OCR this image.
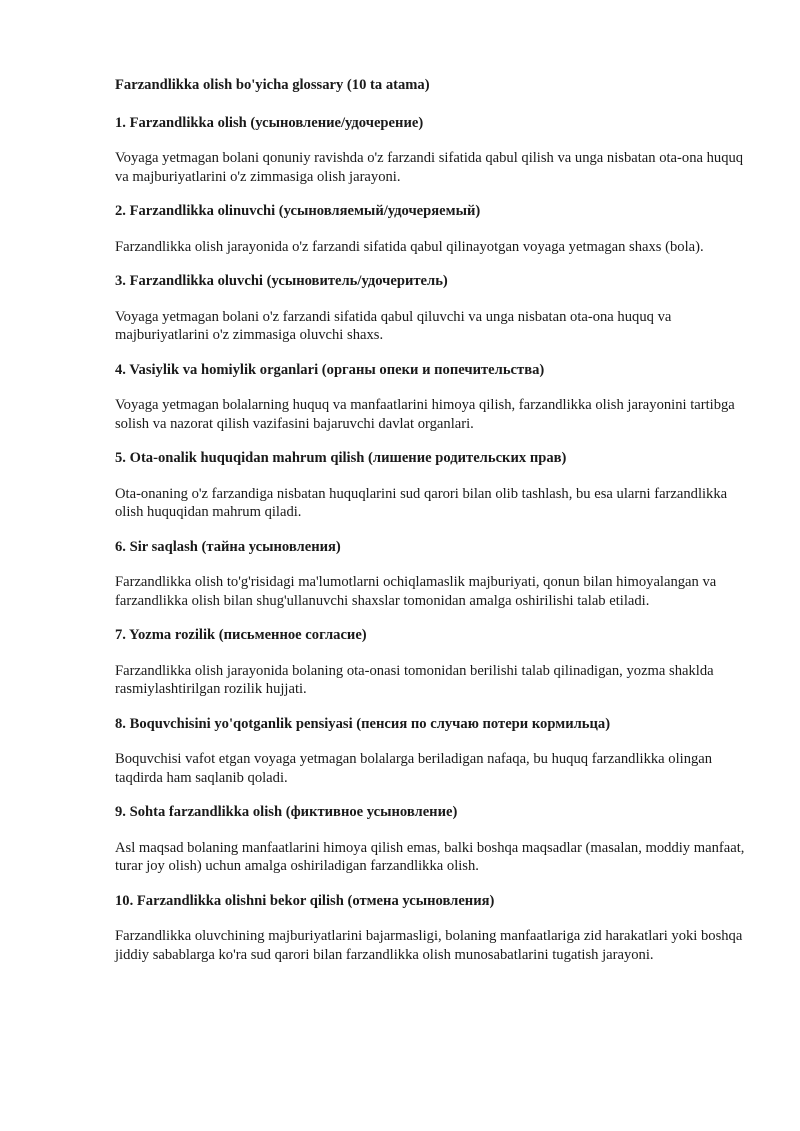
Farzandlikka olish bo'yicha glossary (10 ta atama)
1. Farzandlikka olish (усыновление/удочерение)
Voyaga yetmagan bolani qonuniy ravishda o'z farzandi sifatida qabul qilish va unga nisbatan ota-ona huquq va majburiyatlarini o'z zimmasiga olish jarayoni.
2. Farzandlikka olinuvchi (усыновляемый/удочеряемый)
Farzandlikka olish jarayonida o'z farzandi sifatida qabul qilinayotgan voyaga yetmagan shaxs (bola).
3. Farzandlikka oluvchi (усыновитель/удочеритель)
Voyaga yetmagan bolani o'z farzandi sifatida qabul qiluvchi va unga nisbatan ota-ona huquq va majburiyatlarini o'z zimmasiga oluvchi shaxs.
4. Vasiylik va homiylik organlari (органы опеки и попечительства)
Voyaga yetmagan bolalarning huquq va manfaatlarini himoya qilish, farzandlikka olish jarayonini tartibga solish va nazorat qilish vazifasini bajaruvchi davlat organlari.
5. Ota-onalik huquqidan mahrum qilish (лишение родительских прав)
Ota-onaning o'z farzandiga nisbatan huquqlarini sud qarori bilan olib tashlash, bu esa ularni farzandlikka olish huquqidan mahrum qiladi.
6. Sir saqlash (тайна усыновления)
Farzandlikka olish to'g'risidagi ma'lumotlarni ochiqlamaslik majburiyati, qonun bilan himoyalangan va farzandlikka olish bilan shug'ullanuvchi shaxslar tomonidan amalga oshirilishi talab etiladi.
7. Yozma rozilik (письменное согласие)
Farzandlikka olish jarayonida bolaning ota-onasi tomonidan berilishi talab qilinadigan, yozma shaklda rasmiylashtirilgan rozilik hujjati.
8. Boquvchisini yo'qotganlik pensiyasi (пенсия по случаю потери кормильца)
Boquvchisi vafot etgan voyaga yetmagan bolalarga beriladigan nafaqa, bu huquq farzandlikka olingan taqdirda ham saqlanib qoladi.
9. Sohta farzandlikka olish (фиктивное усыновление)
Asl maqsad bolaning manfaatlarini himoya qilish emas, balki boshqa maqsadlar (masalan, moddiy manfaat, turar joy olish) uchun amalga oshiriladigan farzandlikka olish.
10. Farzandlikka olishni bekor qilish (отмена усыновления)
Farzandlikka oluvchining majburiyatlarini bajarmasligi, bolaning manfaatlariga zid harakatlari yoki boshqa jiddiy sabablarga ko'ra sud qarori bilan farzandlikka olish munosabatlarini tugatish jarayoni.
